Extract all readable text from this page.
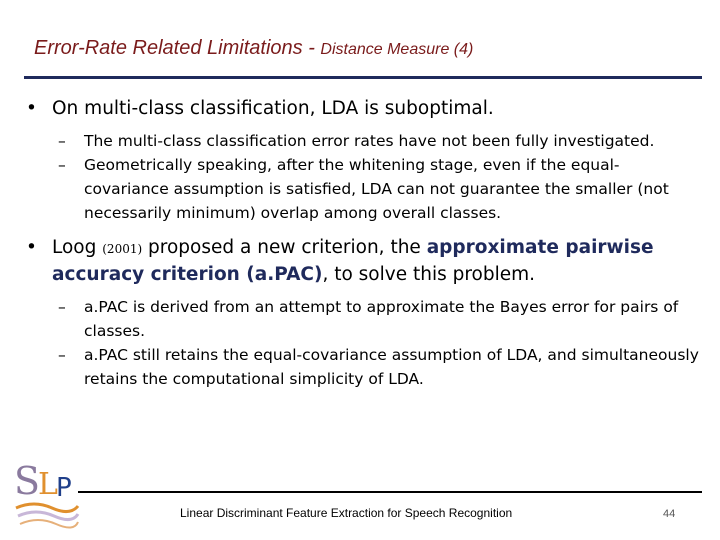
Error-Rate Related Limitations - Distance Measure (4)

• On multi-class classification, LDA is suboptimal.

– The multi-class classification error rates have not been fully investigated.

– Geometrically speaking, after the whitening stage, even if the equal-covariance assumption is satisfied, LDA can not guarantee the smaller (not necessarily minimum) overlap among overall classes.

• Loog (2001) proposed a new criterion, the approximate pairwise accuracy criterion (a.PAC), to solve this problem.

– a.PAC is derived from an attempt to approximate the Bayes error for pairs of classes.

– a.PAC still retains the equal-covariance assumption of LDA, and simultaneously retains the computational simplicity of LDA.

S
L
P
Linear Discriminant Feature Extraction for Speech Recognition	44
